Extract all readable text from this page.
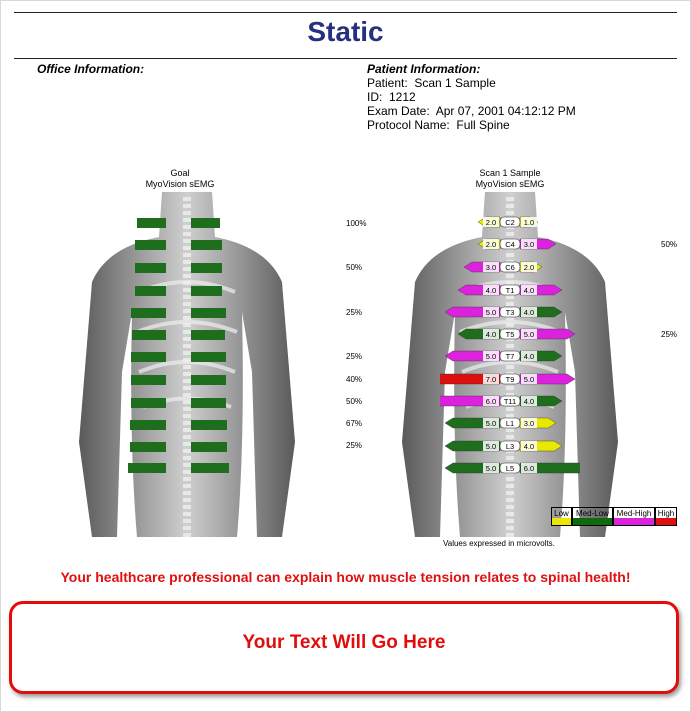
Static
Office Information:	Patient Information:
Patient:  Scan 1 Sample
ID:  1212
Exam Date:  Apr 07, 2001 04:12:12 PM
Protocol Name:  Full Spine
Goal
MyoVision sEMG
100%
50%
25%
25%
40%
50%
67%
25%
Scan 1 Sample
MyoVision sEMG
C2
2.0	1.0
C4
2.0	3.0
C6
3.0	2.0
T1
4.0	4.0
T3
5.0	4.0
T5
4.0	5.0
T7
5.0	4.0
T9
7.0	5.0
T11
6.0	4.0
L1
5.0	3.0
L3
5.0	4.0
L5
5.0	6.0
50%
25%
Low Med-Low Med-High High
Values expressed in microvolts.
Your healthcare professional can explain how muscle tension relates to spinal health!
Your Text Will Go Here
